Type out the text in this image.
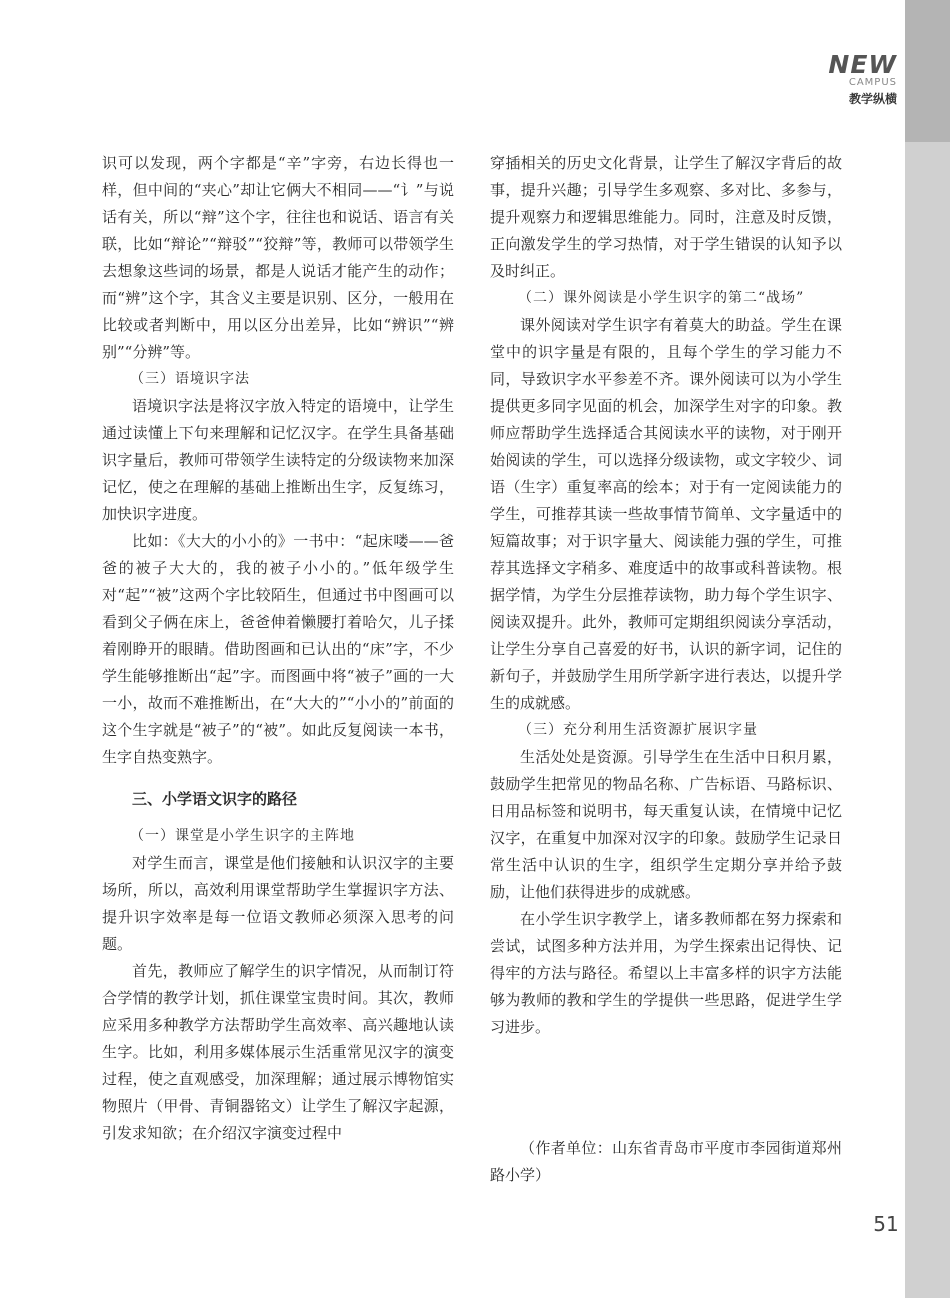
NEW
CAMPUS
教学纵横

识可以发现，两个字都是“辛”字旁，右边长得也一样，但中间的“夹心”却让它俩大不相同——“讠”与说话有关，所以“辩”这个字，往往也和说话、语言有关联，比如“辩论”“辩驳”“狡辩”等，教师可以带领学生去想象这些词的场景，都是人说话才能产生的动作；而“辨”这个字，其含义主要是识别、区分，一般用在比较或者判断中，用以区分出差异，比如“辨识”“辨别”“分辨”等。

（三）语境识字法

语境识字法是将汉字放入特定的语境中，让学生通过读懂上下句来理解和记忆汉字。在学生具备基础识字量后，教师可带领学生读特定的分级读物来加深记忆，使之在理解的基础上推断出生字，反复练习，加快识字进度。

比如：《大大的小小的》一书中：“起床喽——爸爸的被子大大的，我的被子小小的。”低年级学生对“起”“被”这两个字比较陌生，但通过书中图画可以看到父子俩在床上，爸爸伸着懒腰打着哈欠，儿子揉着刚睁开的眼睛。借助图画和已认出的“床”字，不少学生能够推断出“起”字。而图画中将“被子”画的一大一小，故而不难推断出，在“大大的”“小小的”前面的这个生字就是“被子”的“被”。如此反复阅读一本书，生字自热变熟字。

三、小学语文识字的路径
（一）课堂是小学生识字的主阵地

对学生而言，课堂是他们接触和认识汉字的主要场所，所以，高效利用课堂帮助学生掌握识字方法、提升识字效率是每一位语文教师必须深入思考的问题。

首先，教师应了解学生的识字情况，从而制订符合学情的教学计划，抓住课堂宝贵时间。其次，教师应采用多种教学方法帮助学生高效率、高兴趣地认读生字。比如，利用多媒体展示生活重常见汉字的演变过程，使之直观感受，加深理解；通过展示博物馆实物照片（甲骨、青铜器铭文）让学生了解汉字起源，引发求知欲；在介绍汉字演变过程中

穿插相关的历史文化背景，让学生了解汉字背后的故事，提升兴趣；引导学生多观察、多对比、多参与，提升观察力和逻辑思维能力。同时，注意及时反馈，正向激发学生的学习热情，对于学生错误的认知予以及时纠正。

（二）课外阅读是小学生识字的第二“战场”

课外阅读对学生识字有着莫大的助益。学生在课堂中的识字量是有限的，且每个学生的学习能力不同，导致识字水平参差不齐。课外阅读可以为小学生提供更多同字见面的机会，加深学生对字的印象。教师应帮助学生选择适合其阅读水平的读物，对于刚开始阅读的学生，可以选择分级读物，或文字较少、词语（生字）重复率高的绘本；对于有一定阅读能力的学生，可推荐其读一些故事情节简单、文字量适中的短篇故事；对于识字量大、阅读能力强的学生，可推荐其选择文字稍多、难度适中的故事或科普读物。根据学情，为学生分层推荐读物，助力每个学生识字、阅读双提升。此外，教师可定期组织阅读分享活动，让学生分享自己喜爱的好书，认识的新字词，记住的新句子，并鼓励学生用所学新字进行表达，以提升学生的成就感。

（三）充分利用生活资源扩展识字量

生活处处是资源。引导学生在生活中日积月累，鼓励学生把常见的物品名称、广告标语、马路标识、日用品标签和说明书，每天重复认读，在情境中记忆汉字，在重复中加深对汉字的印象。鼓励学生记录日常生活中认识的生字，组织学生定期分享并给予鼓励，让他们获得进步的成就感。

在小学生识字教学上，诸多教师都在努力探索和尝试，试图多种方法并用，为学生探索出记得快、记得牢的方法与路径。希望以上丰富多样的识字方法能够为教师的教和学生的学提供一些思路，促进学生学习进步。

（作者单位：山东省青岛市平度市李园街道郑州路小学）
51
